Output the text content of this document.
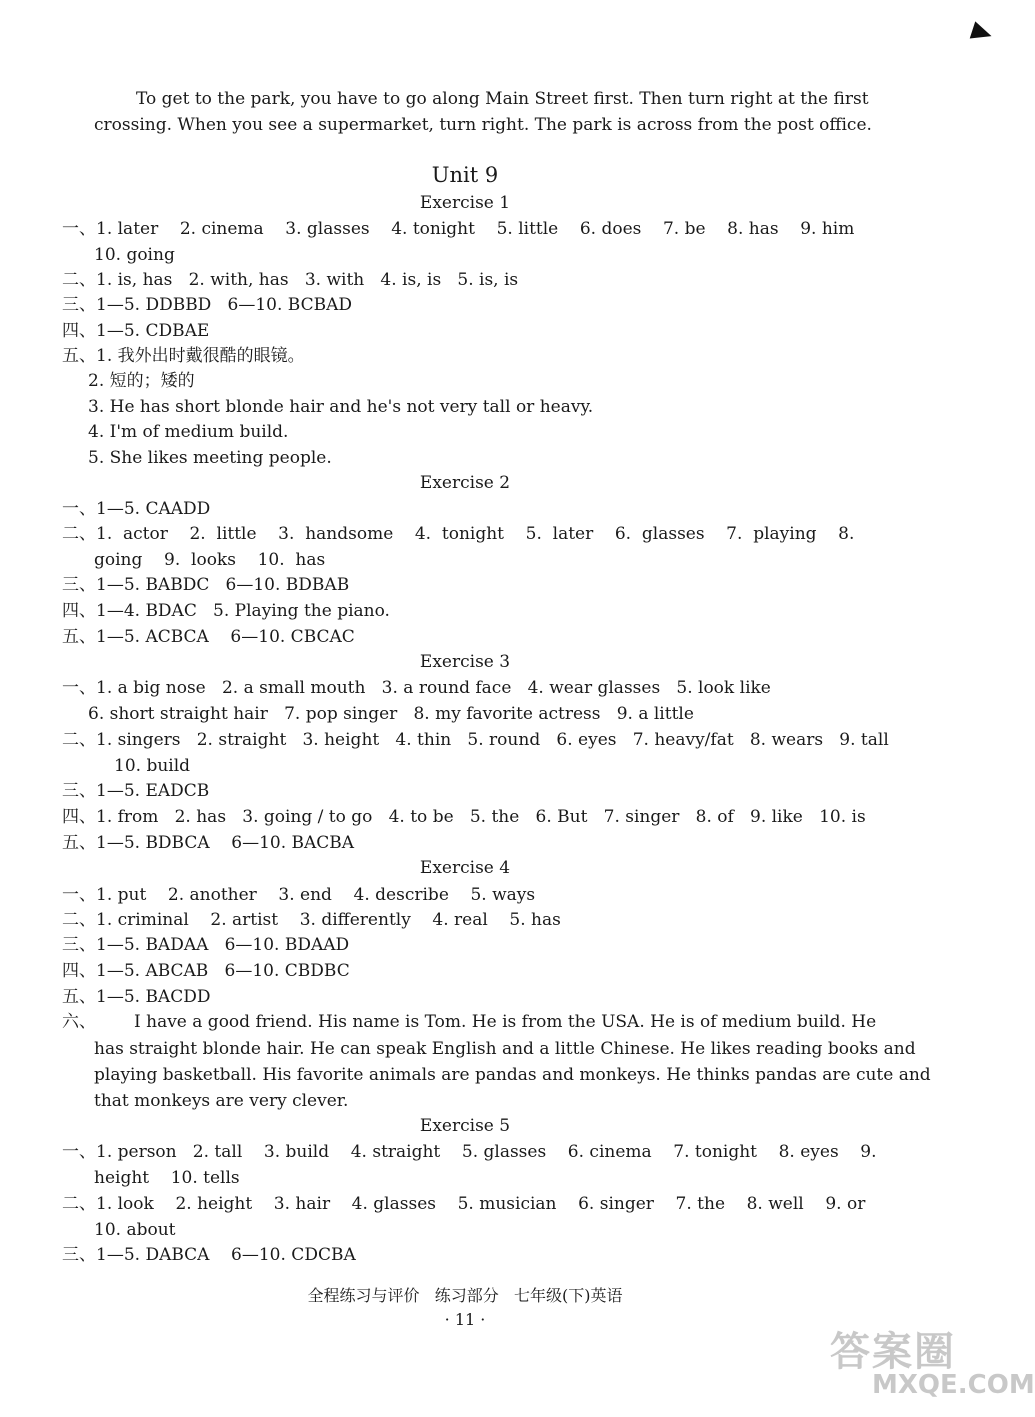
To get to the park, you have to go along Main Street first. Then turn right at the first
crossing. When you see a supermarket, turn right. The park is across from the post office.
Unit 9
Exercise 1
一、1. later    2. cinema    3. glasses    4. tonight    5. little    6. does    7. be    8. has    9. him
10. going
二、1. is, has   2. with, has   3. with   4. is, is   5. is, is
三、1—5. DDBBD   6—10. BCBAD
四、1—5. CDBAE
五、1. 我外出时戴很酷的眼镜。
2. 短的；矮的
3. He has short blonde hair and he's not very tall or heavy.
4. I'm of medium build.
5. She likes meeting people.
Exercise 2
一、1—5. CAADD
二、1.  actor    2.  little    3.  handsome    4.  tonight    5.  later    6.  glasses    7.  playing    8.
going    9.  looks    10.  has
三、1—5. BABDC   6—10. BDBAB
四、1—4. BDAC   5. Playing the piano.
五、1—5. ACBCA    6—10. CBCAC
Exercise 3
一、1. a big nose   2. a small mouth   3. a round face   4. wear glasses   5. look like
6. short straight hair   7. pop singer   8. my favorite actress   9. a little
二、1. singers   2. straight   3. height   4. thin   5. round   6. eyes   7. heavy/fat   8. wears   9. tall
10. build
三、1—5. EADCB
四、1. from   2. has   3. going / to go   4. to be   5. the   6. But   7. singer   8. of   9. like   10. is
五、1—5. BDBCA    6—10. BACBA
Exercise 4
一、1. put    2. another    3. end    4. describe    5. ways
二、1. criminal    2. artist    3. differently    4. real    5. has
三、1—5. BADAA   6—10. BDAAD
四、1—5. ABCAB   6—10. CBDBC
五、1—5. BACDD
六、 I have a good friend. His name is Tom. He is from the USA. He is of medium build. He
has straight blonde hair. He can speak English and a little Chinese. He likes reading books and
playing basketball. His favorite animals are pandas and monkeys. He thinks pandas are cute and
that monkeys are very clever.
Exercise 5
一、1. person   2. tall    3. build    4. straight    5. glasses    6. cinema    7. tonight    8. eyes    9.
height    10. tells
二、1. look    2. height    3. hair    4. glasses    5. musician    6. singer    7. the    8. well    9. or
10. about
三、1—5. DABCA    6—10. CDCBA
全程练习与评价   练习部分   七年级(下)英语
· 11 ·
答案圈
MXQE.COM
